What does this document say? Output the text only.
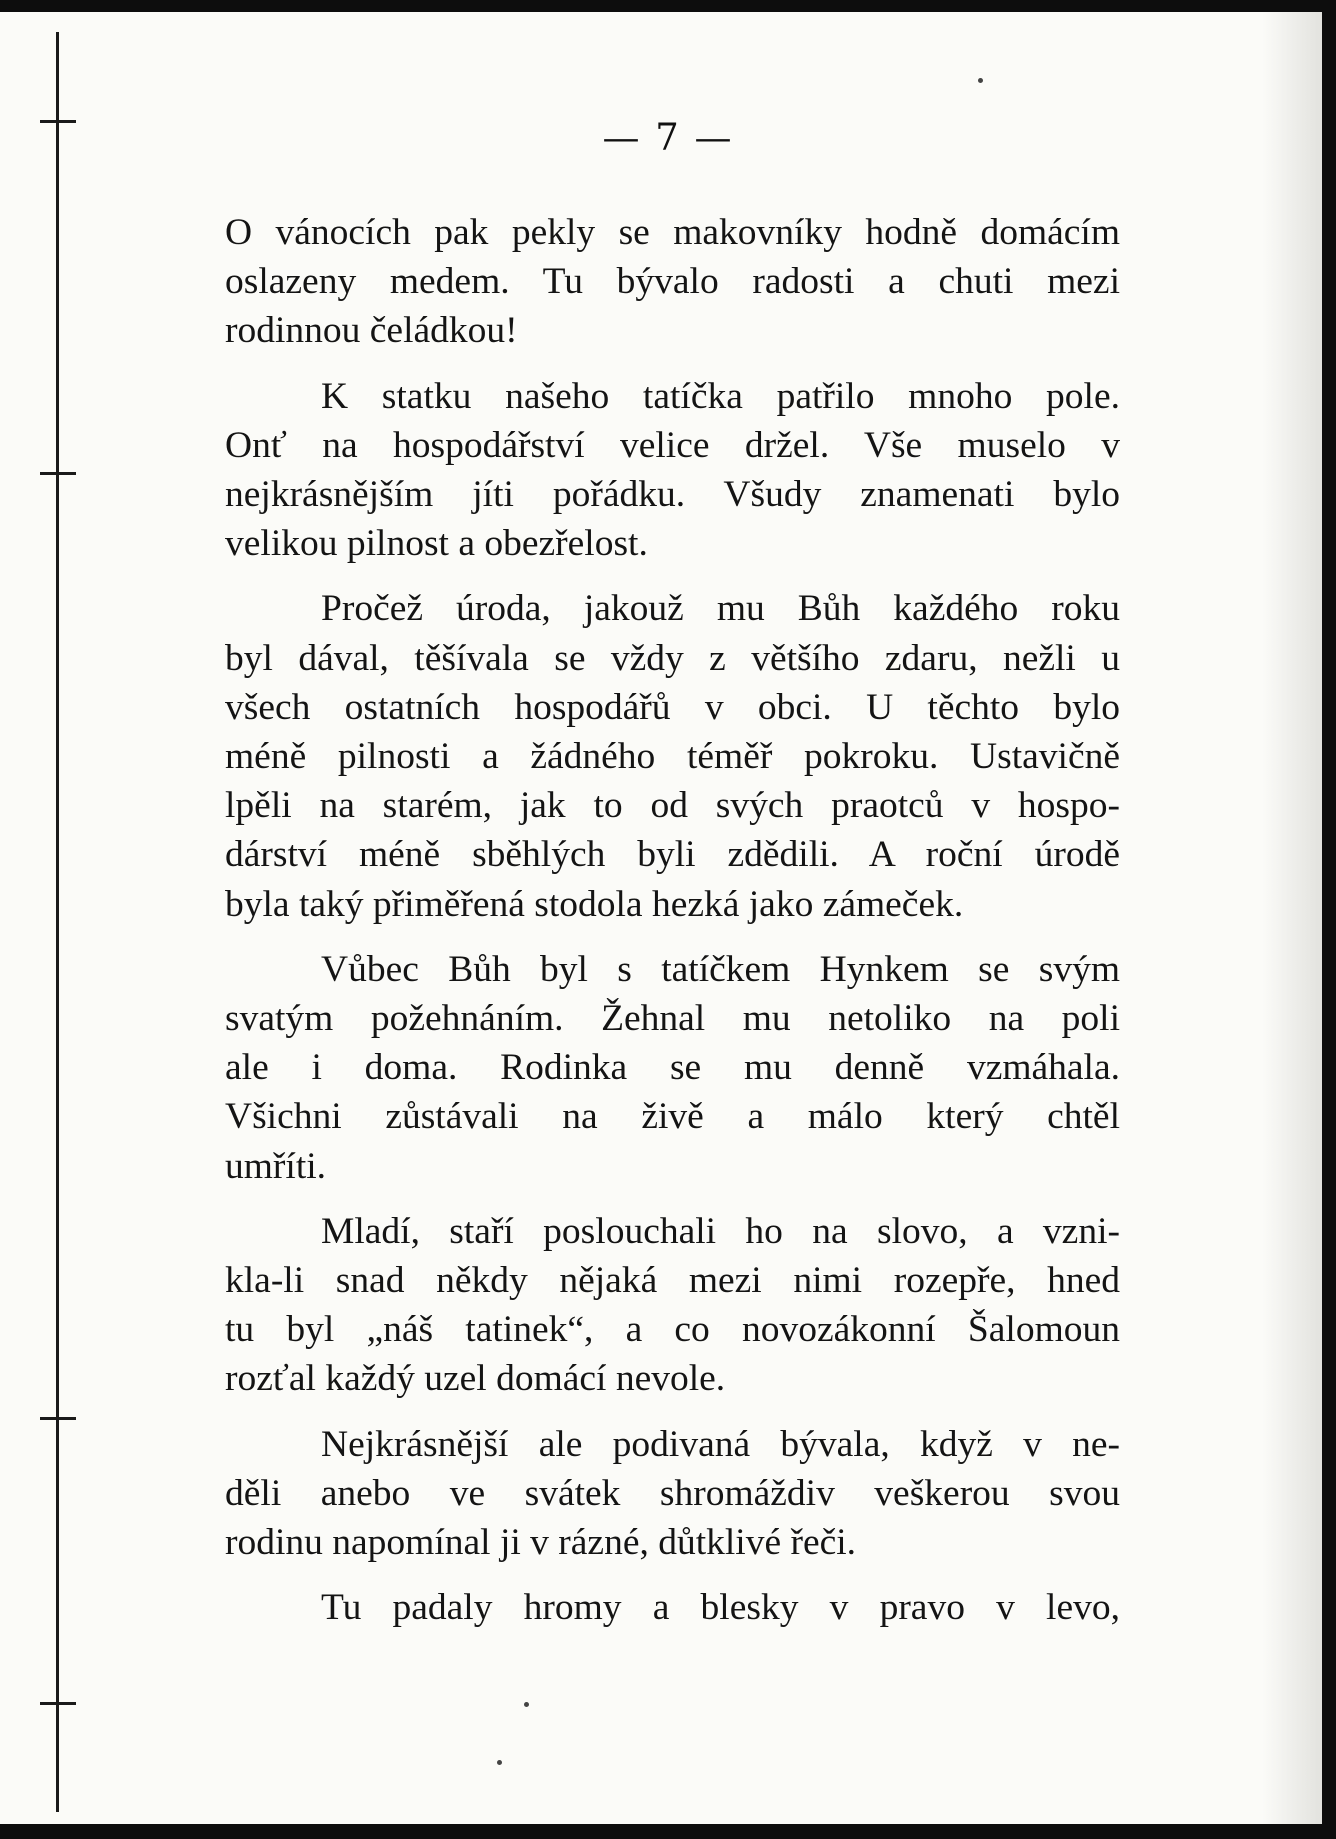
— 7 —
O vánocích pak pekly se makovníky hodně domácím
oslazeny medem. Tu bývalo radosti a chuti mezi
rodinnou čeládkou!
K statku našeho tatíčka patřilo mnoho pole.
Onť na hospodářství velice držel. Vše muselo v
nejkrásnějším jíti pořádku. Všudy znamenati bylo
velikou pilnost a obezřelost.
Pročež úroda, jakouž mu Bůh každého roku
byl dával, těšívala se vždy z většího zdaru, nežli u
všech ostatních hospodářů v obci. U těchto bylo
méně pilnosti a žádného téměř pokroku. Ustavičně
lpěli na starém, jak to od svých praotců v hospo-
dárství méně sběhlých byli zdědili. A roční úrodě
byla taký přiměřená stodola hezká jako zámeček.
Vůbec Bůh byl s tatíčkem Hynkem se svým
svatým požehnáním. Žehnal mu netoliko na poli
ale i doma. Rodinka se mu denně vzmáhala.
Všichni zůstávali na živě a málo který chtěl
umříti.
Mladí, staří poslouchali ho na slovo, a vzni-
kla-li snad někdy nějaká mezi nimi rozepře, hned
tu byl „náš tatinek“, a co novozákonní Šalomoun
rozťal každý uzel domácí nevole.
Nejkrásnější ale podivaná bývala, když v ne-
děli anebo ve svátek shromáždiv veškerou svou
rodinu napomínal ji v rázné, důtklivé řeči.
Tu padaly hromy a blesky v pravo v levo,
